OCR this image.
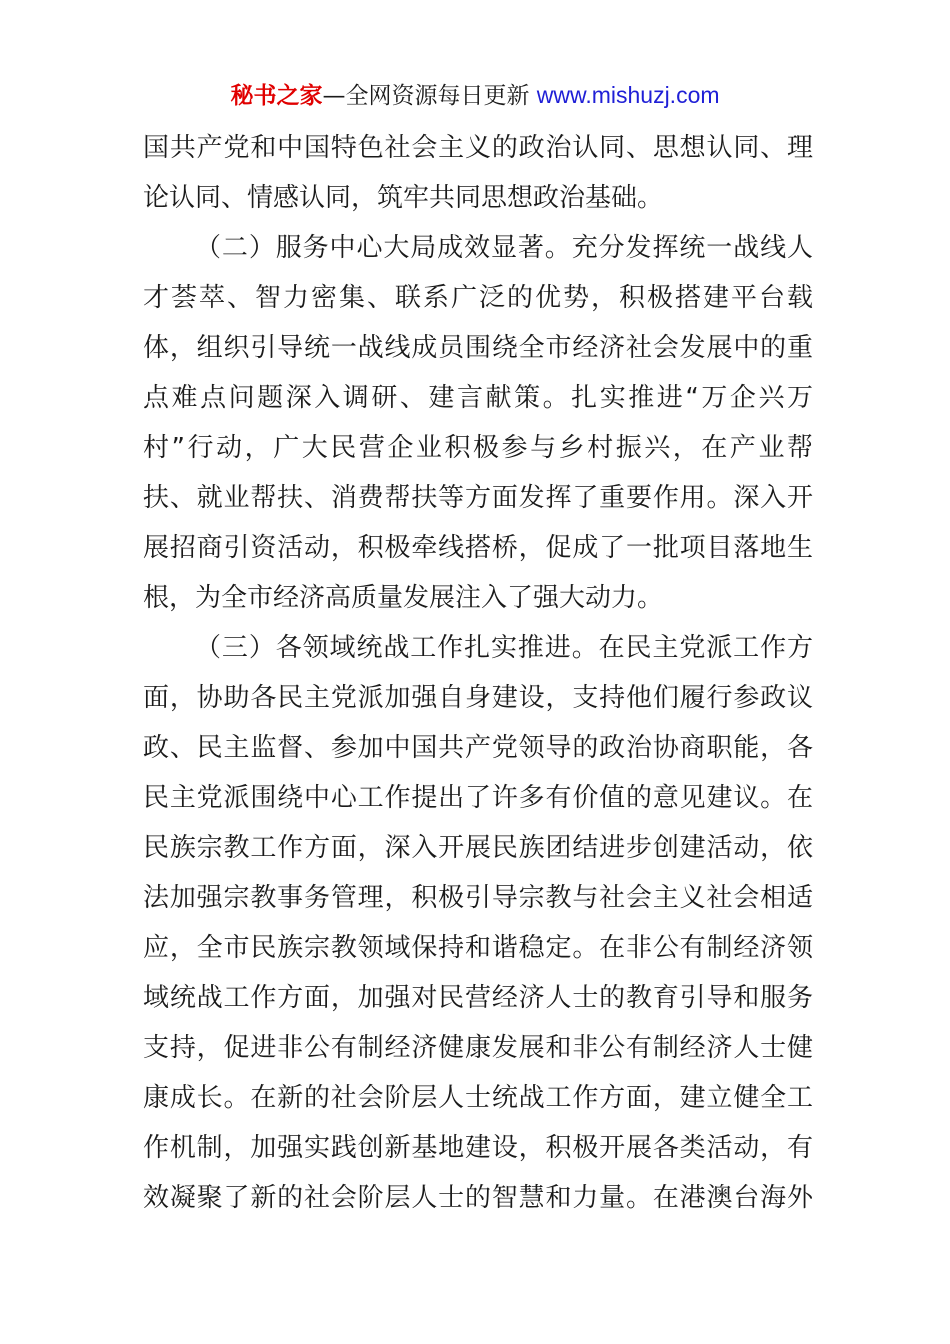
秘书之家—全网资源每日更新 www.mishuzj.com
国共产党和中国特色社会主义的政治认同、思想认同、理
论认同、情感认同，筑牢共同思想政治基础。
（二）服务中心大局成效显著。充分发挥统一战线人
才荟萃、智力密集、联系广泛的优势，积极搭建平台载
体，组织引导统一战线成员围绕全市经济社会发展中的重
点难点问题深入调研、建言献策。扎实推进“万企兴万
村”行动，广大民营企业积极参与乡村振兴，在产业帮
扶、就业帮扶、消费帮扶等方面发挥了重要作用。深入开
展招商引资活动，积极牵线搭桥，促成了一批项目落地生
根，为全市经济高质量发展注入了强大动力。
（三）各领域统战工作扎实推进。在民主党派工作方
面，协助各民主党派加强自身建设，支持他们履行参政议
政、民主监督、参加中国共产党领导的政治协商职能，各
民主党派围绕中心工作提出了许多有价值的意见建议。在
民族宗教工作方面，深入开展民族团结进步创建活动，依
法加强宗教事务管理，积极引导宗教与社会主义社会相适
应，全市民族宗教领域保持和谐稳定。在非公有制经济领
域统战工作方面，加强对民营经济人士的教育引导和服务
支持，促进非公有制经济健康发展和非公有制经济人士健
康成长。在新的社会阶层人士统战工作方面，建立健全工
作机制，加强实践创新基地建设，积极开展各类活动，有
效凝聚了新的社会阶层人士的智慧和力量。在港澳台海外
